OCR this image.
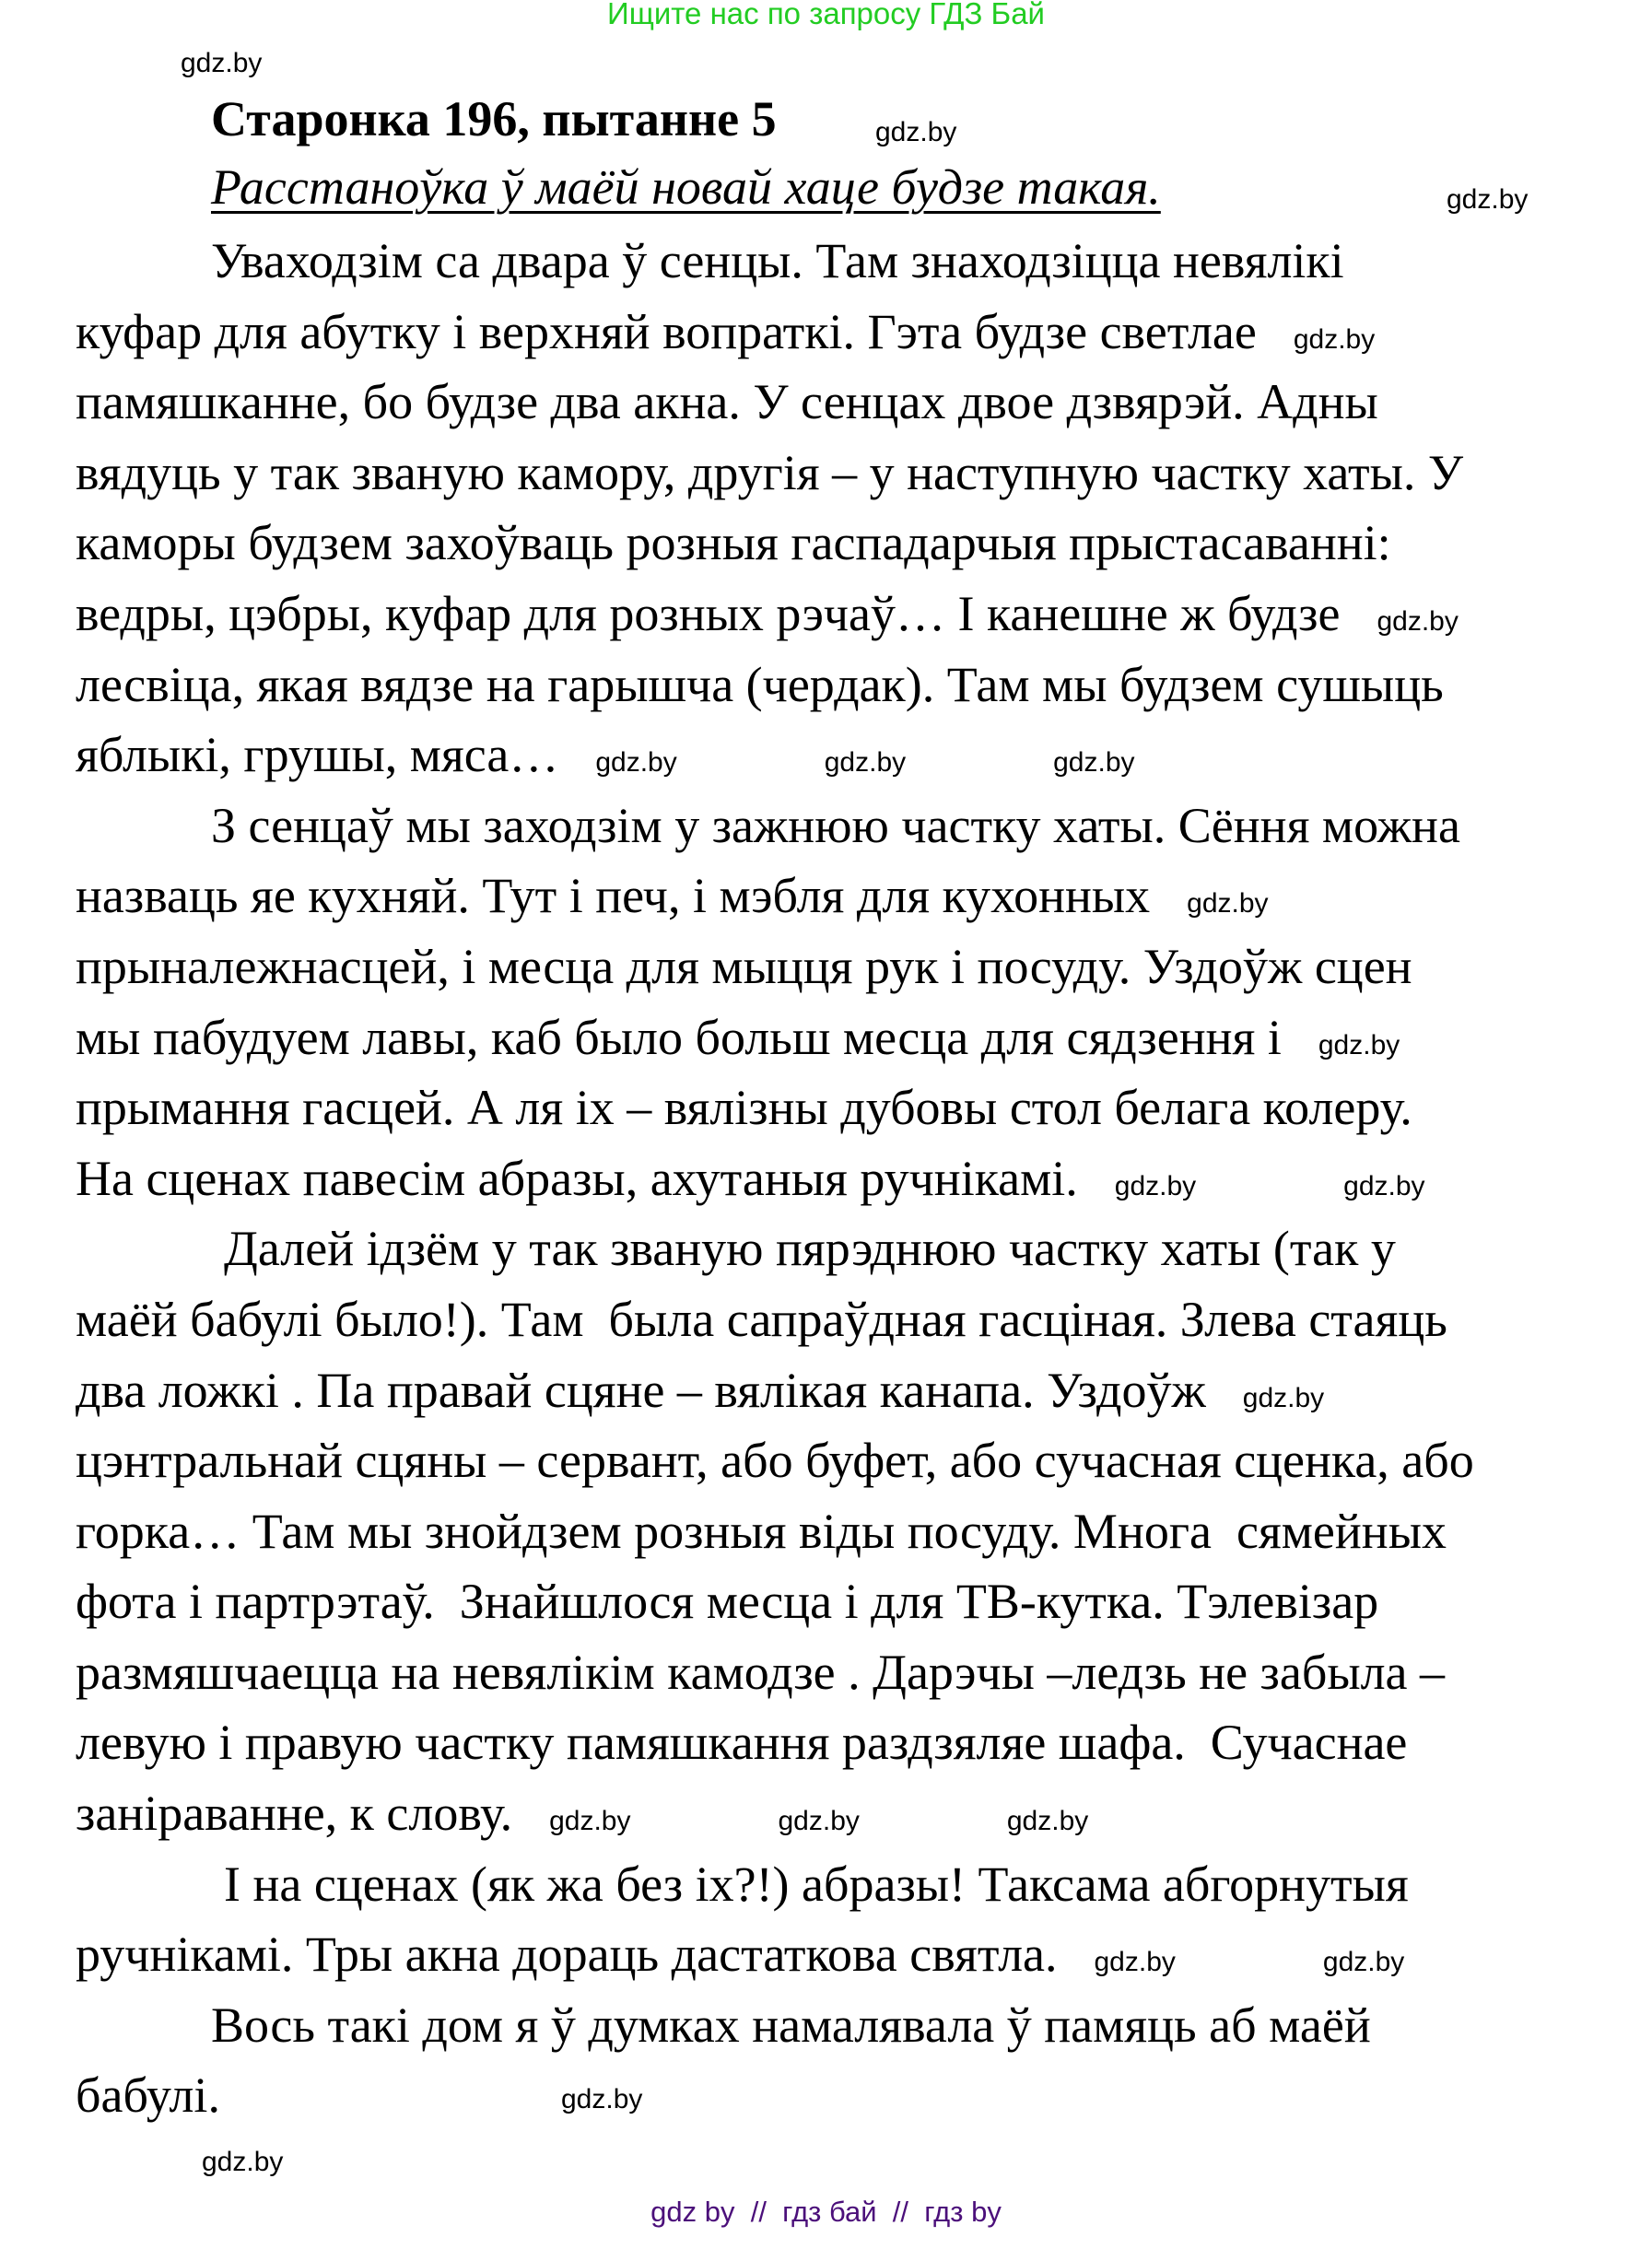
Ищите нас по запросу ГДЗ Бай
Старонка 196, пытанне 5
Расстаноўка ў маёй новай хаце будзе такая.
Уваходзім са двара ў сенцы. Там знаходзіцца невялікі
куфар для абутку і верхняй вопраткі. Гэта будзе светлае gdz.by
памяшканне, бо будзе два акна. У сенцах двое дзвярэй. Адны
вядуць у так званую камору, другія – у наступную частку хаты. У
каморы будзем захоўваць розныя гаспадарчыя прыстасаванні:
ведры, цэбры, куфар для розных рэчаў… І канешне ж будзе gdz.by
лесвіца, якая вядзе на гарышча (чердак). Там мы будзем сушыць
яблыкі, грушы, мяса… gdz.by	gdz.by	gdz.by
З сенцаў мы заходзім у зажнюю частку хаты. Сёння можна
назваць яе кухняй. Тут і печ, і мэбля для кухонных gdz.by
прыналежнасцей, і месца для мыцця рук і посуду. Уздоўж сцен
мы пабудуем лавы, каб было больш месца для сядзення і gdz.by
прымання гасцей. А ля іх – вялізны дубовы стол белага колеру.
На сценах павесім абразы, ахутаныя ручнікамі. gdz.by	gdz.by
Далей ідзём у так званую пярэднюю частку хаты (так у
маёй бабулі было!). Там  была сапраўдная гасціная. Злева стаяць
два ложкі . Па правай сцяне – вялікая канапа. Уздоўж gdz.by
цэнтральнай сцяны – сервант, або буфет, або сучасная сценка, або
горка… Там мы знойдзем розныя віды посуду. Многа  сямейных
фота і партрэтаў.  Знайшлося месца і для ТВ-кутка. Тэлевізар
размяшчаецца на невялікім камодзе . Дарэчы –ледзь не забыла –
левую і правую частку памяшкання раздзяляе шафа.  Сучаснае
заніраванне, к слову. gdz.by	gdz.by	gdz.by
І на сценах (як жа без іх?!) абразы! Таксама абгорнутыя
ручнікамі. Тры акна дораць дастаткова святла. gdz.by	gdz.by
Вось такі дом я ў думках намалявала ў памяць аб маёй
бабулі.
gdz.by
gdz.by
gdz.by
gdz.by
gdz.by
gdz by  //  гдз бай  //  гдз by
